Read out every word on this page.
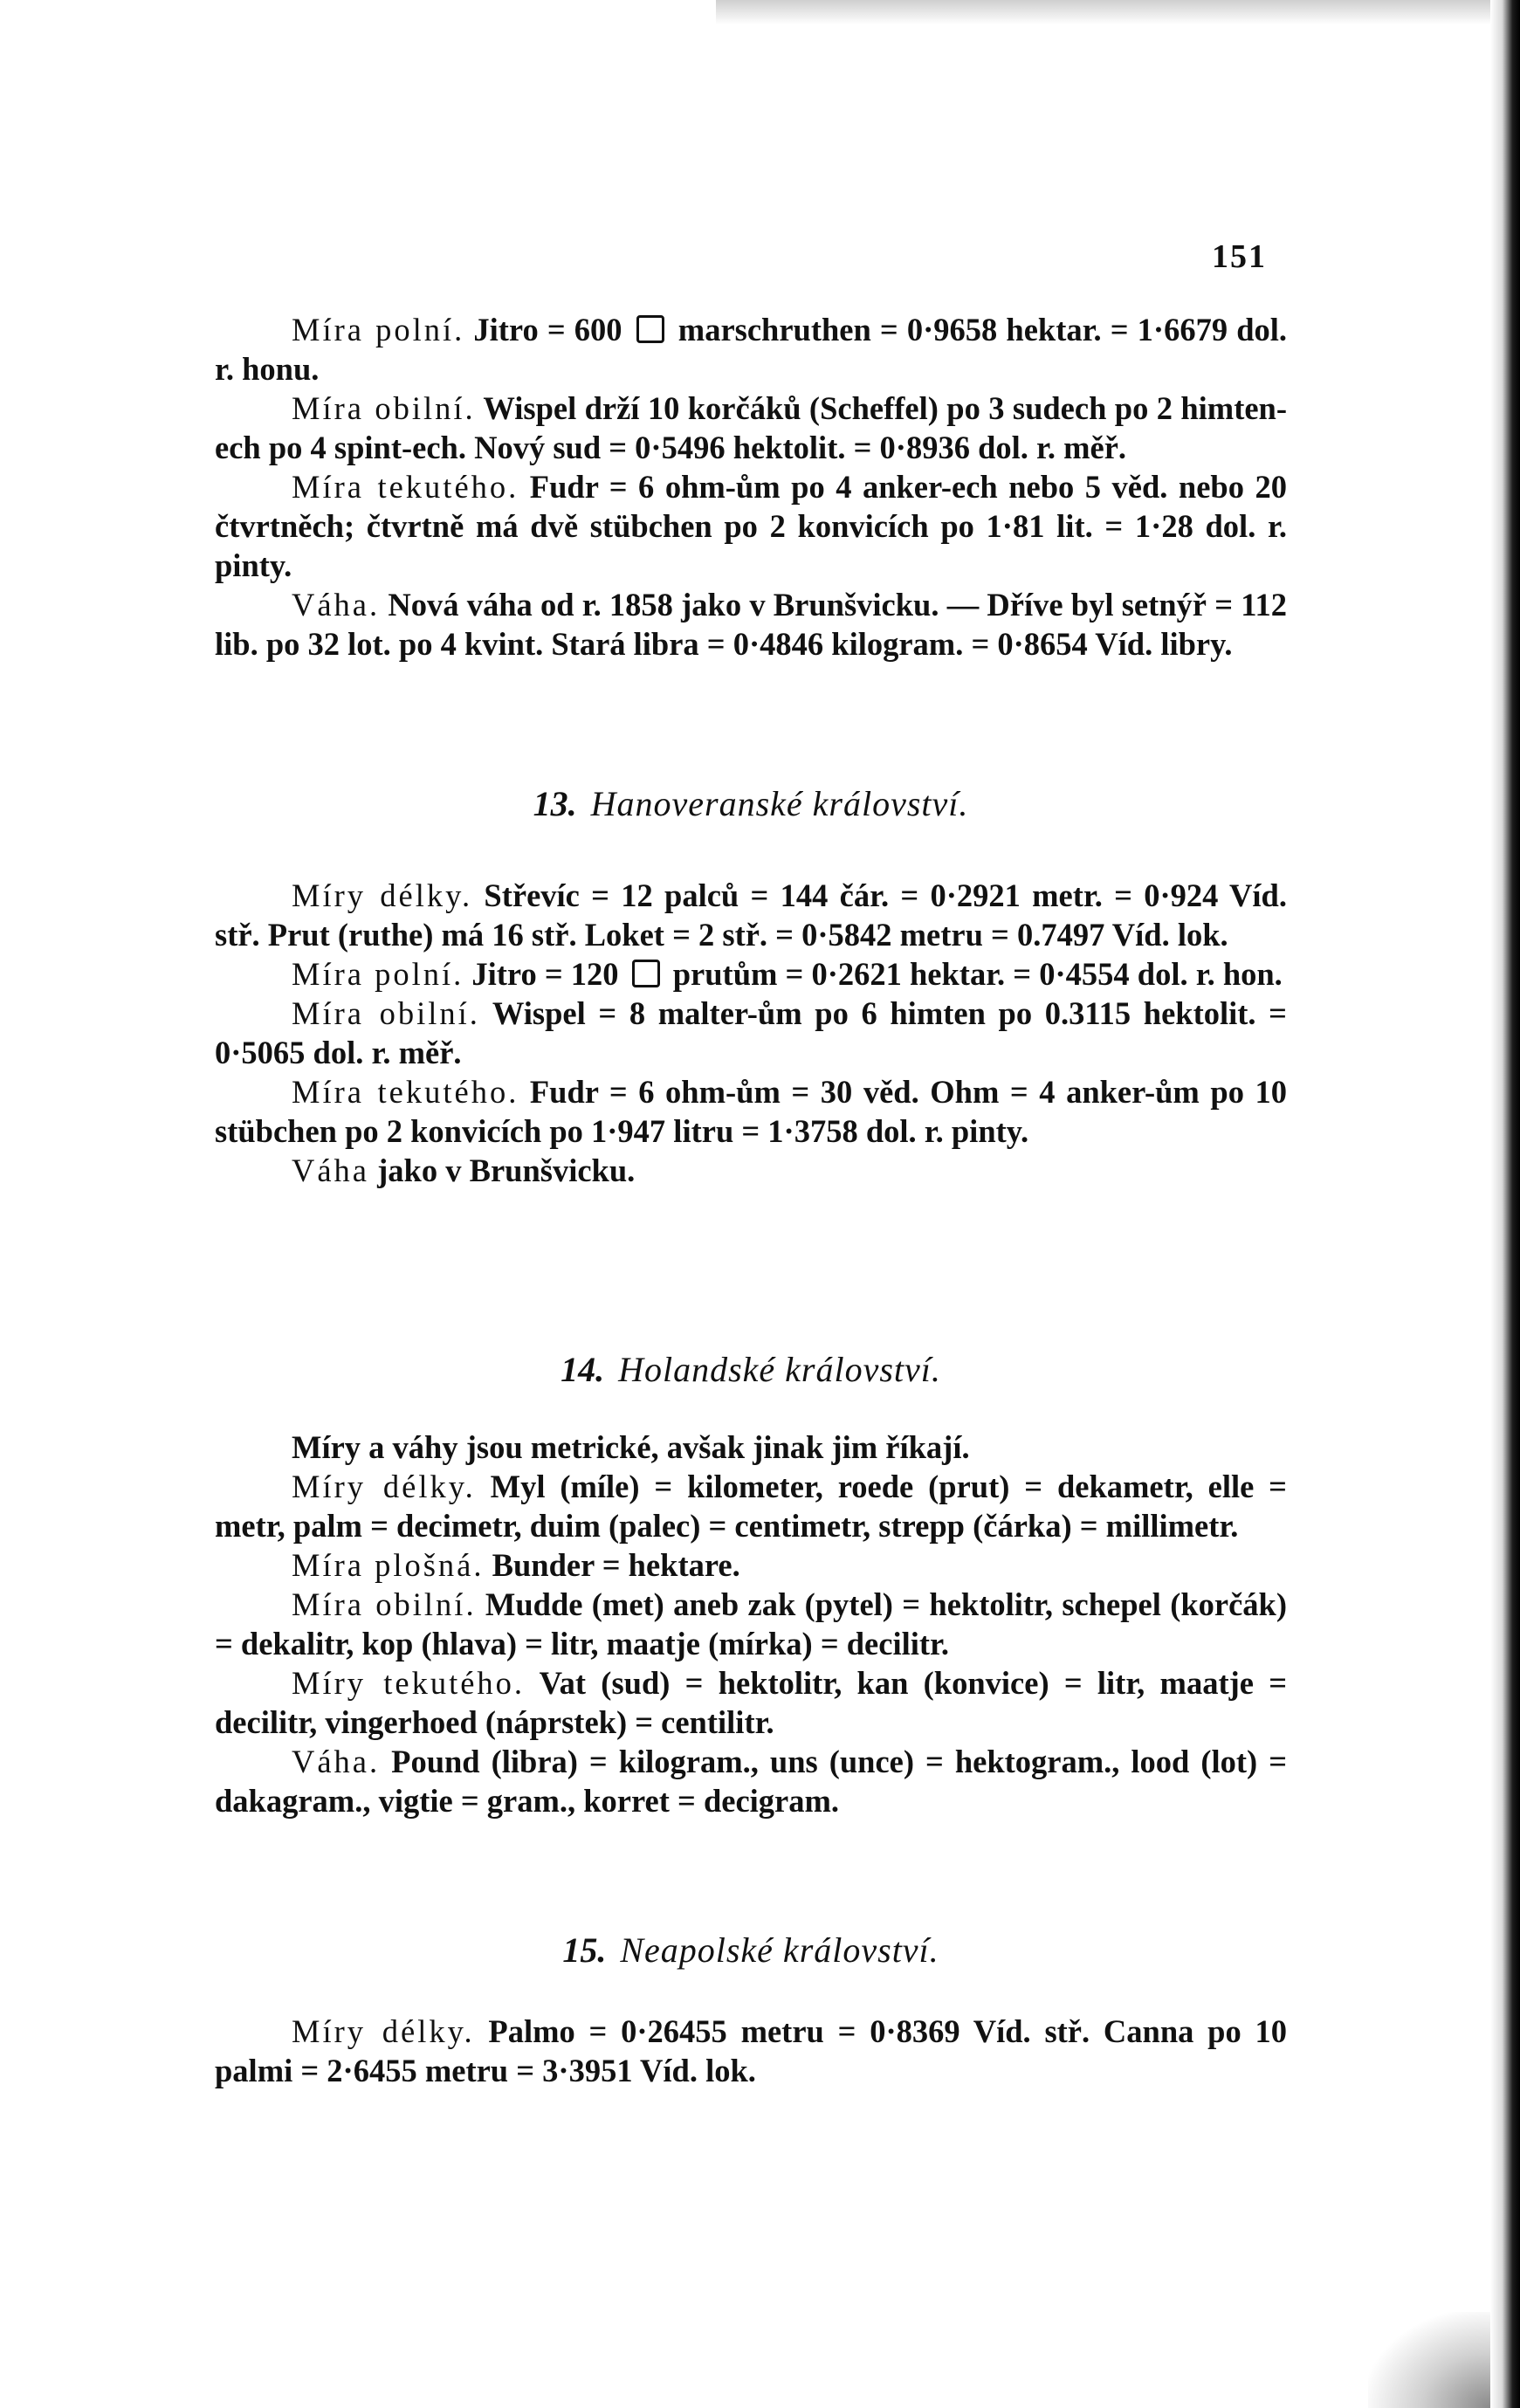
151

Míra polní. Jitro = 600  marschruthen = 0·9658 hektar. = 1·6679 dol. r. honu.

Míra obilní. Wispel drží 10 korčáků (Scheffel) po 3 sudech po 2 himten-ech po 4 spint-ech. Nový sud = 0·5496 hektolit. = 0·8936 dol. r. měř.

Míra tekutého. Fudr = 6 ohm-ům po 4 anker-ech nebo 5 věd. nebo 20 čtvrtněch; čtvrtně má dvě stübchen po 2 konvicích po 1·81 lit. = 1·28 dol. r. pinty.

Váha. Nová váha od r. 1858 jako v Brunšvicku. — Dříve byl setnýř = 112 lib. po 32 lot. po 4 kvint. Stará libra = 0·4846 kilogram. = 0·8654 Víd. libry.

13. Hanoveranské království.

Míry délky. Střevíc = 12 palců = 144 čár. = 0·2921 metr. = 0·924 Víd. stř. Prut (ruthe) má 16 stř. Loket = 2 stř. = 0·5842 metru = 0.7497 Víd. lok.

Míra polní. Jitro = 120  prutům = 0·2621 hektar. = 0·4554 dol. r. hon.

Míra obilní. Wispel = 8 malter-ům po 6 himten po 0.3115 hektolit. = 0·5065 dol. r. měř.

Míra tekutého. Fudr = 6 ohm-ům = 30 věd. Ohm = 4 anker-ům po 10 stübchen po 2 konvicích po 1·947 litru = 1·3758 dol. r. pinty.

Váha jako v Brunšvicku.

14. Holandské království.

Míry a váhy jsou metrické, avšak jinak jim říkají.

Míry délky. Myl (míle) = kilometer, roede (prut) = dekametr, elle = metr, palm = decimetr, duim (palec) = centimetr, strepp (čárka) = millimetr.

Míra plošná. Bunder = hektare.

Míra obilní. Mudde (met) aneb zak (pytel) = hektolitr, schepel (korčák) = dekalitr, kop (hlava) = litr, maatje (mírka) = decilitr.

Míry tekutého. Vat (sud) = hektolitr, kan (konvice) = litr, maatje = decilitr, vingerhoed (náprstek) = centilitr.

Váha. Pound (libra) = kilogram., uns (unce) = hektogram., lood (lot) = dakagram., vigtie = gram., korret = decigram.

15. Neapolské království.

Míry délky. Palmo = 0·26455 metru = 0·8369 Víd. stř. Canna po 10 palmi = 2·6455 metru = 3·3951 Víd. lok.
